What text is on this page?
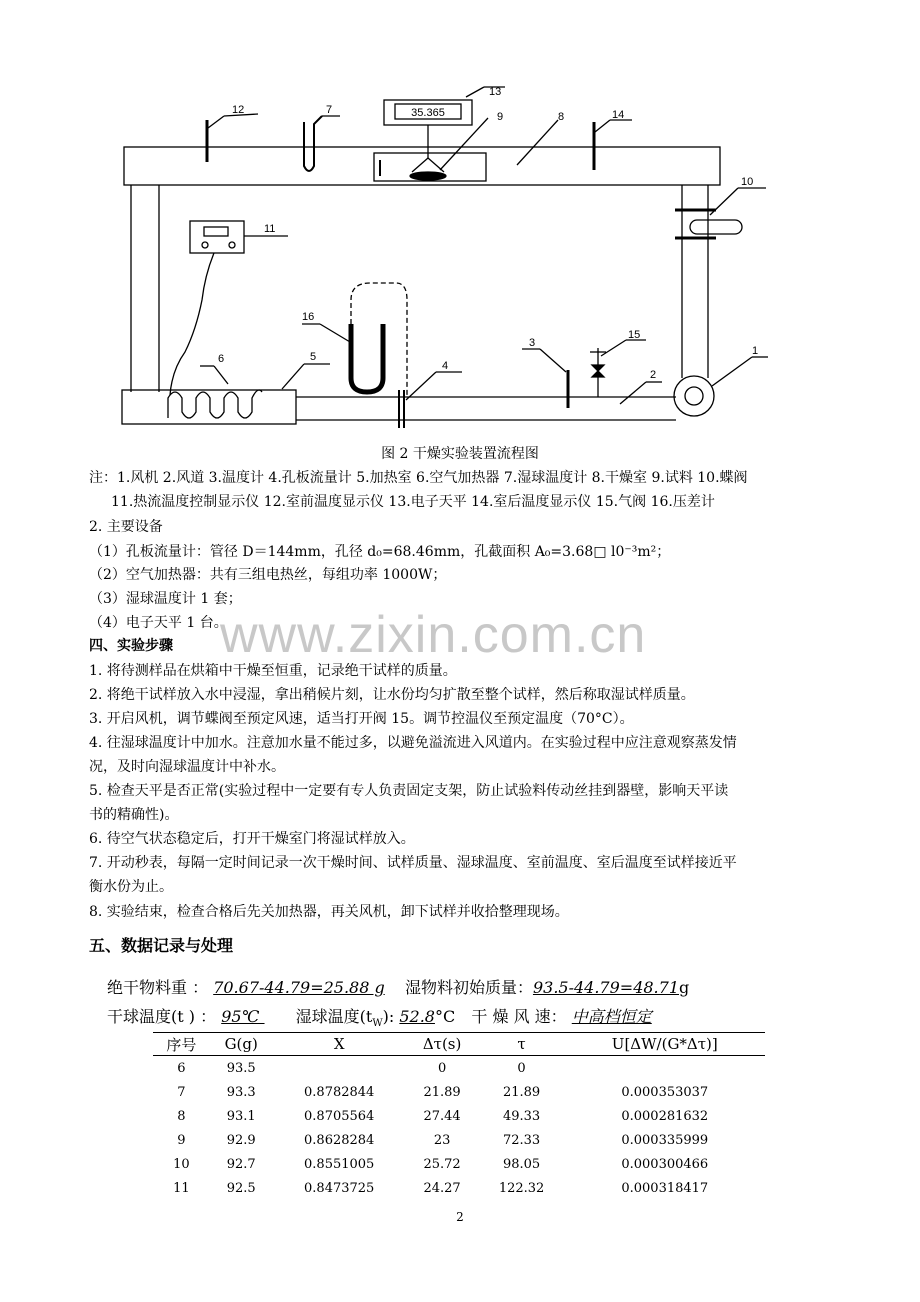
35.365
13
9	8	14
12	7
10
11
16
3
15
4
5
6
2
1
图 2 干燥实验装置流程图
注：1.风机 2.风道 3.温度计 4.孔板流量计 5.加热室 6.空气加热器 7.湿球温度计 8.干燥室 9.试料 10.蝶阀
11.热流温度控制显示仪 12.室前温度显示仪 13.电子天平 14.室后温度显示仪 15.气阀 16.压差计
2. 主要设备
（1）孔板流量计：管径 D＝144mm，孔径 d₀=68.46mm，孔截面积 A₀=3.68□ l0⁻³m²；
（2）空气加热器：共有三组电热丝，每组功率 1000W；
（3）湿球温度计 1 套；
（4）电子天平 1 台。
www.zixin.com.cn
四、实验步骤
1. 将待测样品在烘箱中干燥至恒重，记录绝干试样的质量。
2. 将绝干试样放入水中浸湿，拿出稍候片刻，让水份均匀扩散至整个试样，然后称取湿试样质量。
3. 开启风机，调节蝶阀至预定风速，适当打开阀 15。调节控温仪至预定温度（70°C）。
4. 往湿球温度计中加水。注意加水量不能过多，以避免溢流进入风道内。在实验过程中应注意观察蒸发情
况，及时向湿球温度计中补水。
5. 检查天平是否正常(实验过程中一定要有专人负责固定支架，防止试验料传动丝挂到器壁，影响天平读
书的精确性)。
6. 待空气状态稳定后，打开干燥室门将湿试样放入。
7. 开动秒表，每隔一定时间记录一次干燥时间、试样质量、湿球温度、室前温度、室后温度至试样接近平
衡水份为止。
8. 实验结束，检查合格后先关加热器，再关风机，卸下试样并收拾整理现场。
五、数据记录与处理
绝干物料重 ： 70.67-44.79=25.88 g 湿物料初始质量：93.5-44.79=48.71g
干球温度(t ) ： 95℃  湿球温度$(t_W)$: 52.8°C 干 燥 风 速： 中高档恒定
序号	G(g)	X	Δτ(s)	τ	U[ΔW/(G*Δτ)]
6	93.5		0	0	
7	93.3	0.8782844	21.89	21.89	0.000353037
8	93.1	0.8705564	27.44	49.33	0.000281632
9	92.9	0.8628284	23	72.33	0.000335999
10	92.7	0.8551005	25.72	98.05	0.000300466
11	92.5	0.8473725	24.27	122.32	0.000318417
2
